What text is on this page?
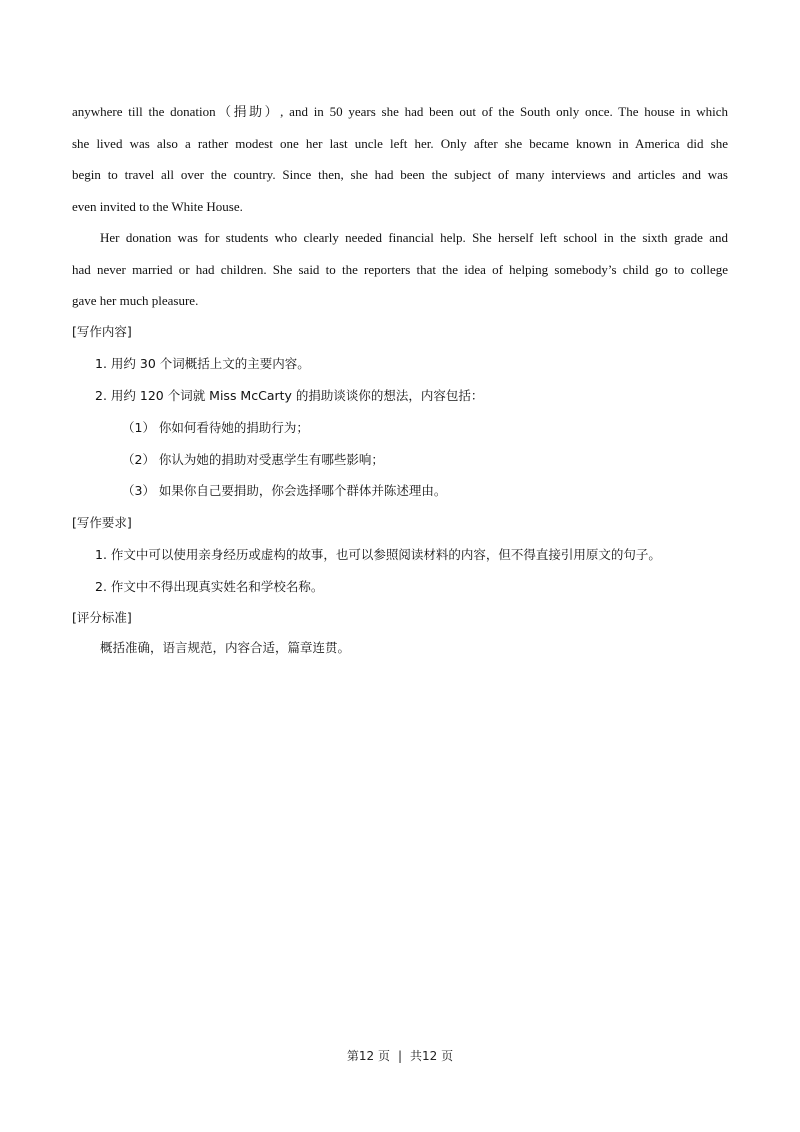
anywhere till the donation（捐助）, and in 50 years she had been out of the South only once. The house in which
she lived was also a rather modest one her last uncle left her. Only after she became known in America did she
begin to travel all over the country. Since then, she had been the subject of many interviews and articles and was
even invited to the White House.
Her donation was for students who clearly needed financial help. She herself left school in the sixth grade and
had never married or had children. She said to the reporters that the idea of helping somebody’s child go to college
gave her much pleasure.
[写作内容]
1. 用约 30 个词概括上文的主要内容。
2. 用约 120 个词就 Miss McCarty 的捐助谈谈你的想法，内容包括：
（1） 你如何看待她的捐助行为；
（2） 你认为她的捐助对受惠学生有哪些影响；
（3） 如果你自己要捐助，你会选择哪个群体并陈述理由。
[写作要求]
1. 作文中可以使用亲身经历或虚构的故事，也可以参照阅读材料的内容，但不得直接引用原文的句子。
2. 作文中不得出现真实姓名和学校名称。
[评分标准]
概括准确，语言规范，内容合适，篇章连贯。
第12 页 | 共12 页
